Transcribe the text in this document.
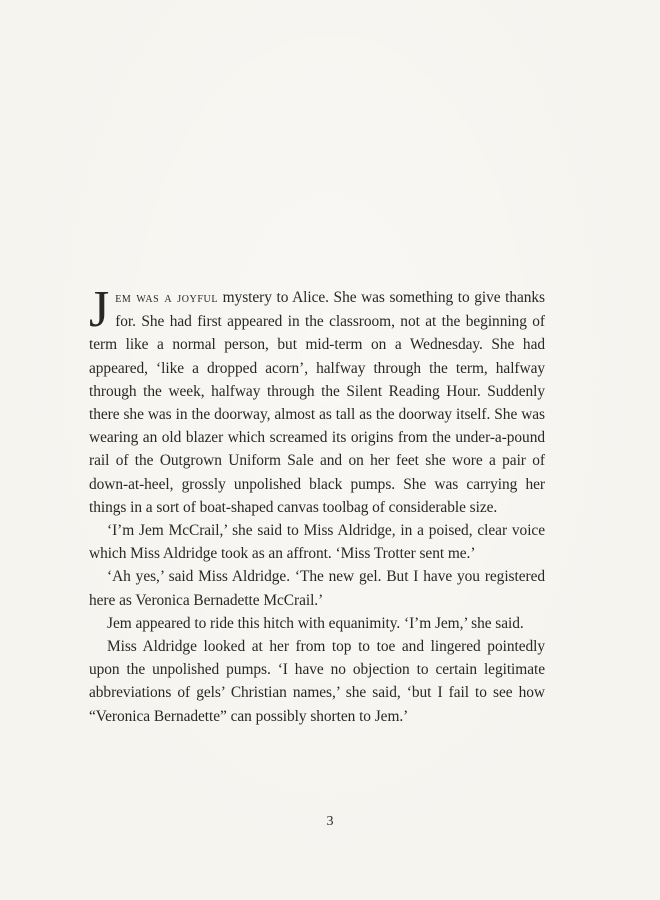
Jem was a joyful mystery to Alice. She was something to give thanks for. She had first appeared in the classroom, not at the beginning of term like a normal person, but mid-term on a Wednesday. She had appeared, ‘like a dropped acorn’, halfway through the term, halfway through the week, halfway through the Silent Reading Hour. Suddenly there she was in the doorway, almost as tall as the doorway itself. She was wearing an old blazer which screamed its origins from the under-a-pound rail of the Outgrown Uniform Sale and on her feet she wore a pair of down-at-heel, grossly unpolished black pumps. She was carrying her things in a sort of boat-shaped canvas toolbag of considerable size.

‘I’m Jem McCrail,’ she said to Miss Aldridge, in a poised, clear voice which Miss Aldridge took as an affront. ‘Miss Trotter sent me.’

‘Ah yes,’ said Miss Aldridge. ‘The new gel. But I have you registered here as Veronica Bernadette McCrail.’

Jem appeared to ride this hitch with equanimity. ‘I’m Jem,’ she said.

Miss Aldridge looked at her from top to toe and lingered pointedly upon the unpolished pumps. ‘I have no objection to certain legitimate abbreviations of gels’ Christian names,’ she said, ‘but I fail to see how “Veronica Bernadette” can possibly shorten to Jem.’

3
